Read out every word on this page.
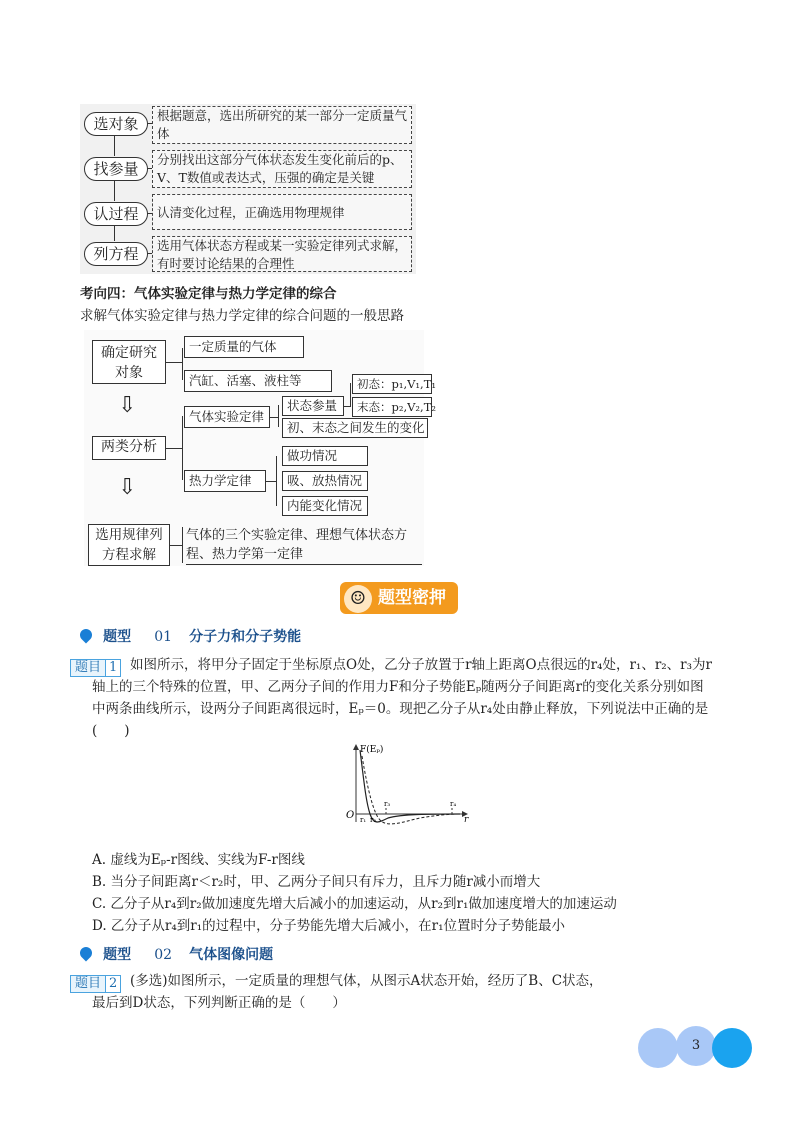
选对象
找参量
认过程
列方程
根据题意，选出所研究的某一部分一定质量气体
分别找出这部分气体状态发生变化前后的p、V、T数值或表达式，压强的确定是关键
认清变化过程，正确选用物理规律
选用气体状态方程或某一实验定律列式求解，有时要讨论结果的合理性
考向四：气体实验定律与热力学定律的综合
求解气体实验定律与热力学定律的综合问题的一般思路
确定研究对象
两类分析
选用规律列方程求解
⇩
⇩
一定质量的气体
汽缸、活塞、液柱等
气体实验定律
热力学定律
状态参量
初、末态之间发生的变化
初态：p₁,V₁,T₁
末态：p₂,V₂,T₂
做功情况
吸、放热情况
内能变化情况
气体的三个实验定律、理想气体状态方程、热力学第一定律
☺ 题型密押
题型 01 分子力和分子势能
题目 1 如图所示，将甲分子固定于坐标原点O处，乙分子放置于r轴上距离O点很远的r₄处，r₁、r₂、r₃为r
轴上的三个特殊的位置，甲、乙两分子间的作用力F和分子势能Eₚ随两分子间距离r的变化关系分别如图
中两条曲线所示，设两分子间距离很远时，Eₚ＝0。现把乙分子从r₄处由静止释放，下列说法中正确的是
(　　)
F(Eₚ)
r
O r₁ r₂
r₃	r₄
A. 虚线为Eₚ-r图线、实线为F-r图线
B. 当分子间距离r＜r₂时，甲、乙两分子间只有斥力，且斥力随r减小而增大
C. 乙分子从r₄到r₂做加速度先增大后减小的加速运动，从r₂到r₁做加速度增大的加速运动
D. 乙分子从r₄到r₁的过程中，分子势能先增大后减小，在r₁位置时分子势能最小
题型 02 气体图像问题
题目 2 (多选)如图所示，一定质量的理想气体，从图示A状态开始，经历了B、C状态，
最后到D状态，下列判断正确的是（　　）
3
